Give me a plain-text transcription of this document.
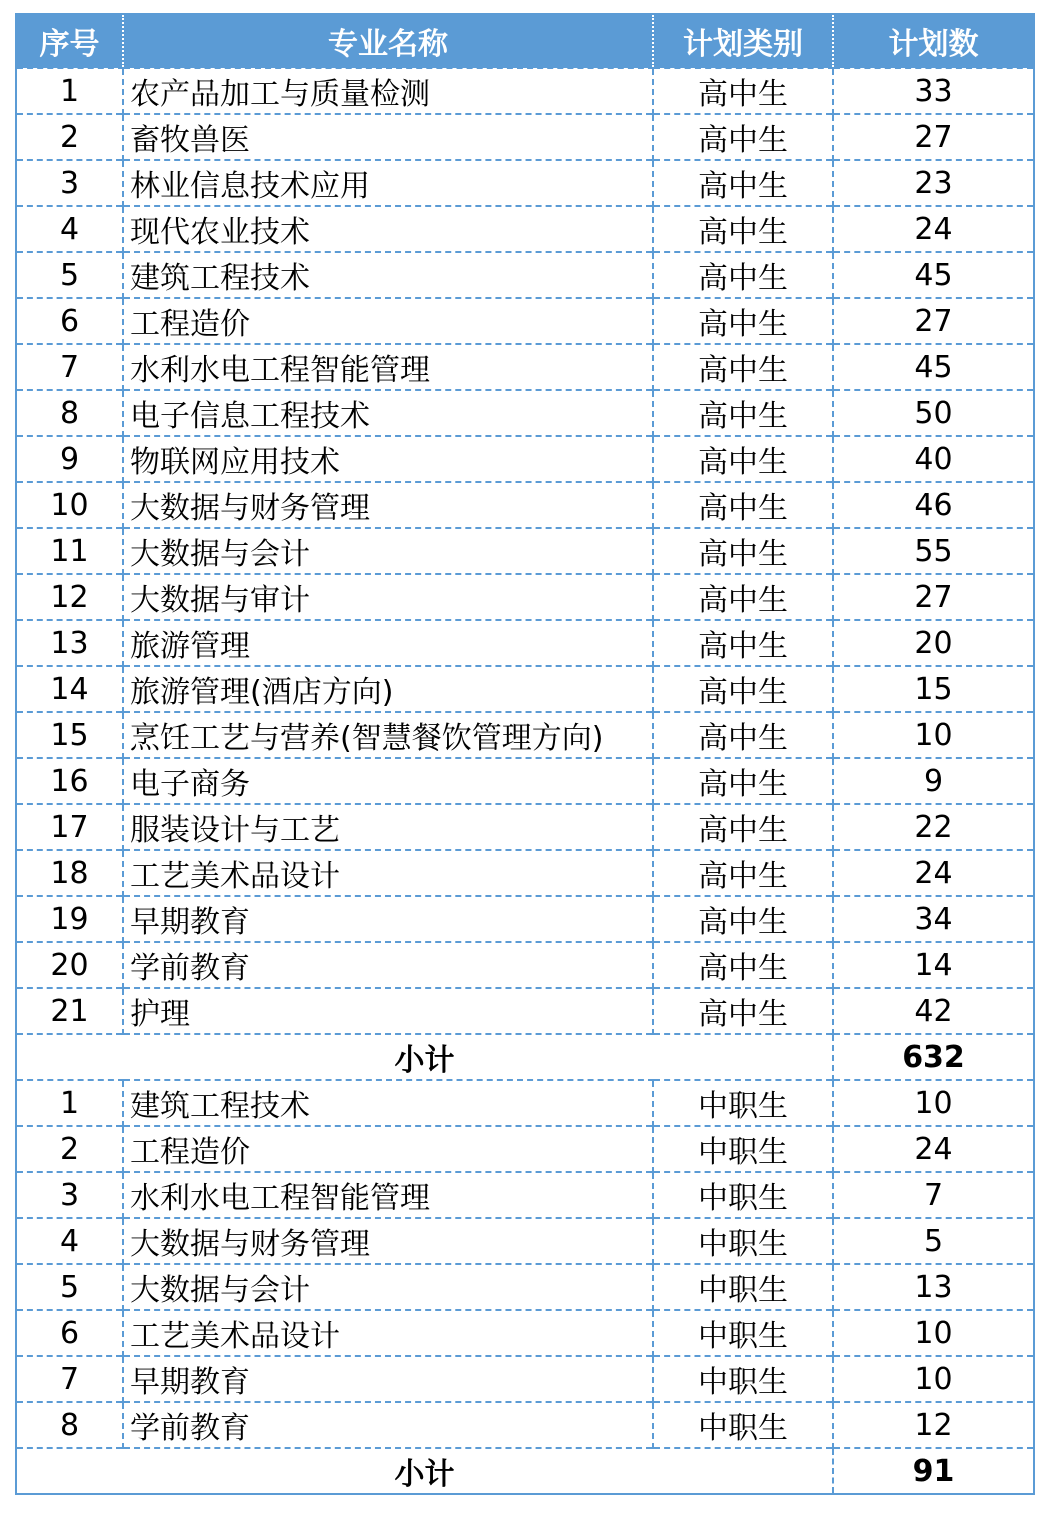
序号	专业名称	计划类别	计划数
1	农产品加工与质量检测	高中生	33
2	畜牧兽医	高中生	27
3	林业信息技术应用	高中生	23
4	现代农业技术	高中生	24
5	建筑工程技术	高中生	45
6	工程造价	高中生	27
7	水利水电工程智能管理	高中生	45
8	电子信息工程技术	高中生	50
9	物联网应用技术	高中生	40
10	大数据与财务管理	高中生	46
11	大数据与会计	高中生	55
12	大数据与审计	高中生	27
13	旅游管理	高中生	20
14	旅游管理(酒店方向)	高中生	15
15	烹饪工艺与营养(智慧餐饮管理方向)	高中生	10
16	电子商务	高中生	9
17	服装设计与工艺	高中生	22
18	工艺美术品设计	高中生	24
19	早期教育	高中生	34
20	学前教育	高中生	14
21	护理	高中生	42
小计			632
1	建筑工程技术	中职生	10
2	工程造价	中职生	24
3	水利水电工程智能管理	中职生	7
4	大数据与财务管理	中职生	5
5	大数据与会计	中职生	13
6	工艺美术品设计	中职生	10
7	早期教育	中职生	10
8	学前教育	中职生	12
小计			91
